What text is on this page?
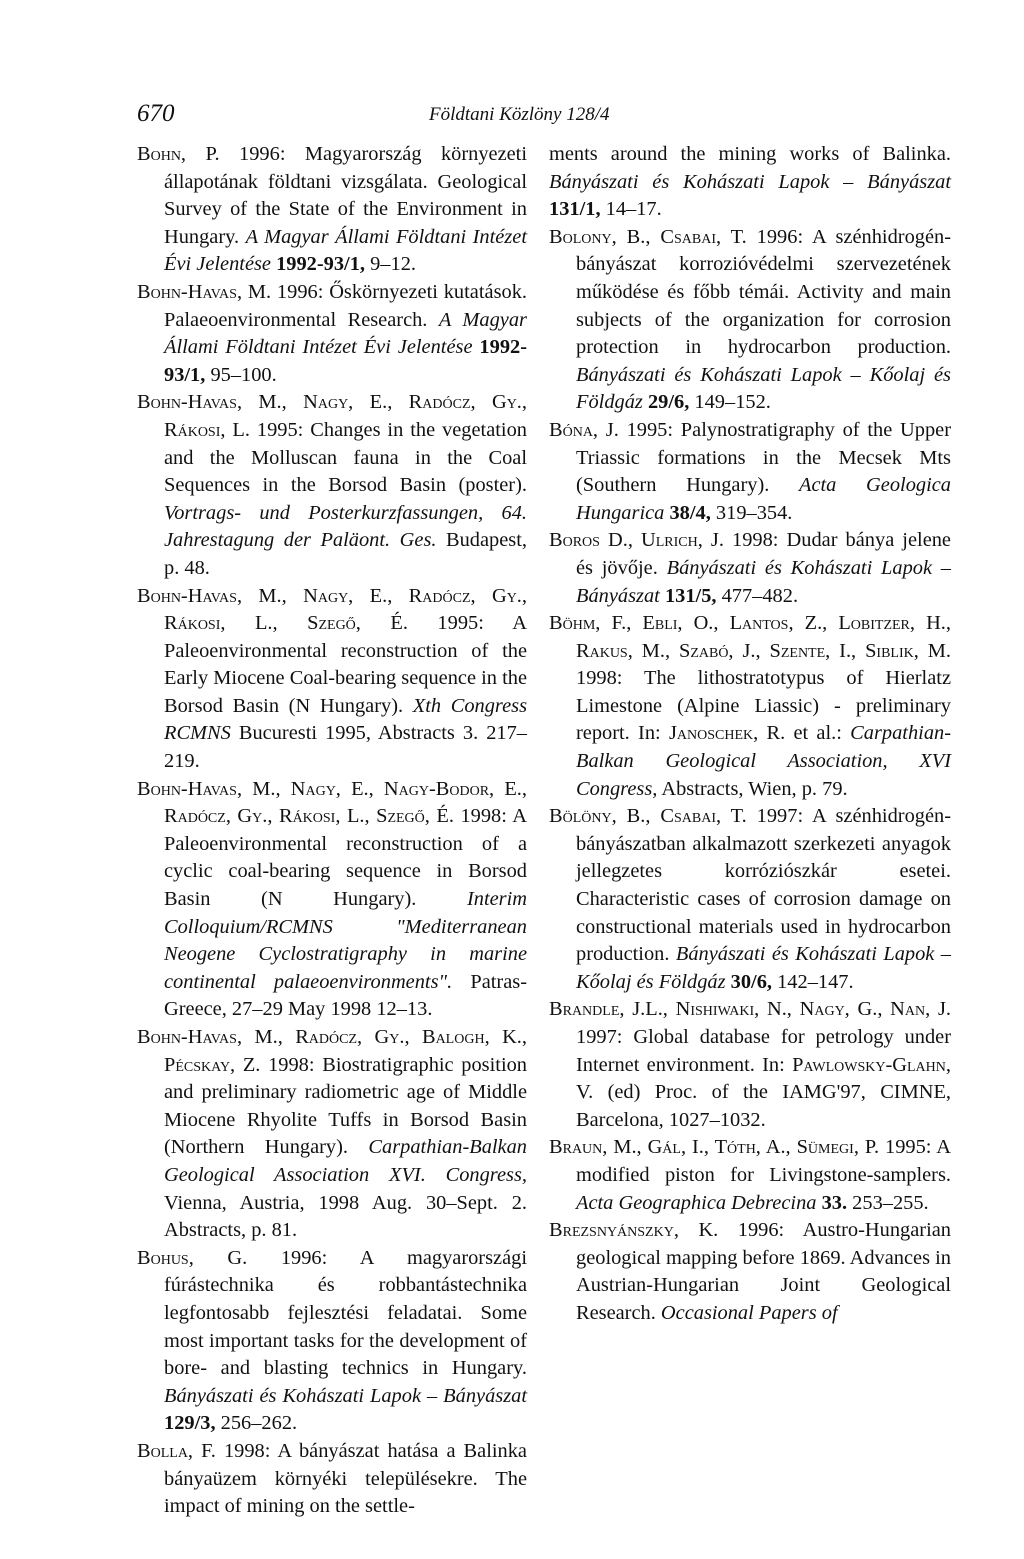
670	Földtani Közlöny 128/4

Bohn, P. 1996: Magyarország környezeti állapotának földtani vizsgálata. Geological Survey of the State of the Environment in Hungary. A Magyar Állami Földtani Intézet Évi Jelentése 1992-93/1, 9–12.

Bohn-Havas, M. 1996: Őskörnyezeti kutatások. Palaeoenvironmental Research. A Magyar Állami Földtani Intézet Évi Jelentése 1992-93/1, 95–100.

Bohn-Havas, M., Nagy, E., Radócz, Gy., Rákosi, L. 1995: Changes in the vegetation and the Molluscan fauna in the Coal Sequences in the Borsod Basin (poster). Vortrags- und Posterkurzfassungen, 64. Jahrestagung der Paläont. Ges. Budapest, p. 48.

Bohn-Havas, M., Nagy, E., Radócz, Gy., Rákosi, L., Szegő, É. 1995: A Paleoenvironmental reconstruction of the Early Miocene Coal-bearing sequence in the Borsod Basin (N Hungary). Xth Congress RCMNS Bucuresti 1995, Abstracts 3. 217–219.

Bohn-Havas, M., Nagy, E., Nagy-Bodor, E., Radócz, Gy., Rákosi, L., Szegő, É. 1998: A Paleoenvironmental reconstruction of a cyclic coal-bearing sequence in Borsod Basin (N Hungary). Interim Colloquium/RCMNS "Mediterranean Neogene Cyclostratigraphy in marine continental palaeoenvironments". Patras-Greece, 27–29 May 1998 12–13.

Bohn-Havas, M., Radócz, Gy., Balogh, K., Pécskay, Z. 1998: Biostratigraphic position and preliminary radiometric age of Middle Miocene Rhyolite Tuffs in Borsod Basin (Northern Hungary). Carpathian-Balkan Geological Association XVI. Congress, Vienna, Austria, 1998 Aug. 30–Sept. 2. Abstracts, p. 81.

Bohus, G. 1996: A magyarországi fúrástechnika és robbantástechnika legfontosabb fejlesztési feladatai. Some most important tasks for the development of bore- and blasting technics in Hungary. Bányászati és Kohászati Lapok – Bányászat 129/3, 256–262.

Bolla, F. 1998: A bányászat hatása a Balinka bányaüzem környéki településekre. The impact of mining on the settle-

ments around the mining works of Balinka. Bányászati és Kohászati Lapok – Bányászat 131/1, 14–17.

Bolony, B., Csabai, T. 1996: A szénhidrogén-bányászat korrozióvédelmi szervezetének működése és főbb témái. Activity and main subjects of the organization for corrosion protection in hydrocarbon production. Bányászati és Kohászati Lapok – Kőolaj és Földgáz 29/6, 149–152.

Bóna, J. 1995: Palynostratigraphy of the Upper Triassic formations in the Mecsek Mts (Southern Hungary). Acta Geologica Hungarica 38/4, 319–354.

Boros D., Ulrich, J. 1998: Dudar bánya jelene és jövője. Bányászati és Kohászati Lapok – Bányászat 131/5, 477–482.

Böhm, F., Ebli, O., Lantos, Z., Lobitzer, H., Rakus, M., Szabó, J., Szente, I., Siblik, M. 1998: The lithostratotypus of Hierlatz Limestone (Alpine Liassic) - preliminary report. In: Janoschek, R. et al.: Carpathian-Balkan Geological Association, XVI Congress, Abstracts, Wien, p. 79.

Bölöny, B., Csabai, T. 1997: A szénhidrogén-bányászatban alkalmazott szerkezeti anyagok jellegzetes korróziószkár esetei. Characteristic cases of corrosion damage on constructional materials used in hydrocarbon production. Bányászati és Kohászati Lapok – Kőolaj és Földgáz 30/6, 142–147.

Brandle, J.L., Nishiwaki, N., Nagy, G., Nan, J. 1997: Global database for petrology under Internet environment. In: Pawlowsky-Glahn, V. (ed) Proc. of the IAMG'97, CIMNE, Barcelona, 1027–1032.

Braun, M., Gál, I., Tóth, A., Sümegi, P. 1995: A modified piston for Livingstone-samplers. Acta Geographica Debrecina 33. 253–255.

Brezsnyánszky, K. 1996: Austro-Hungarian geological mapping before 1869. Advances in Austrian-Hungarian Joint Geological Research. Occasional Papers of
